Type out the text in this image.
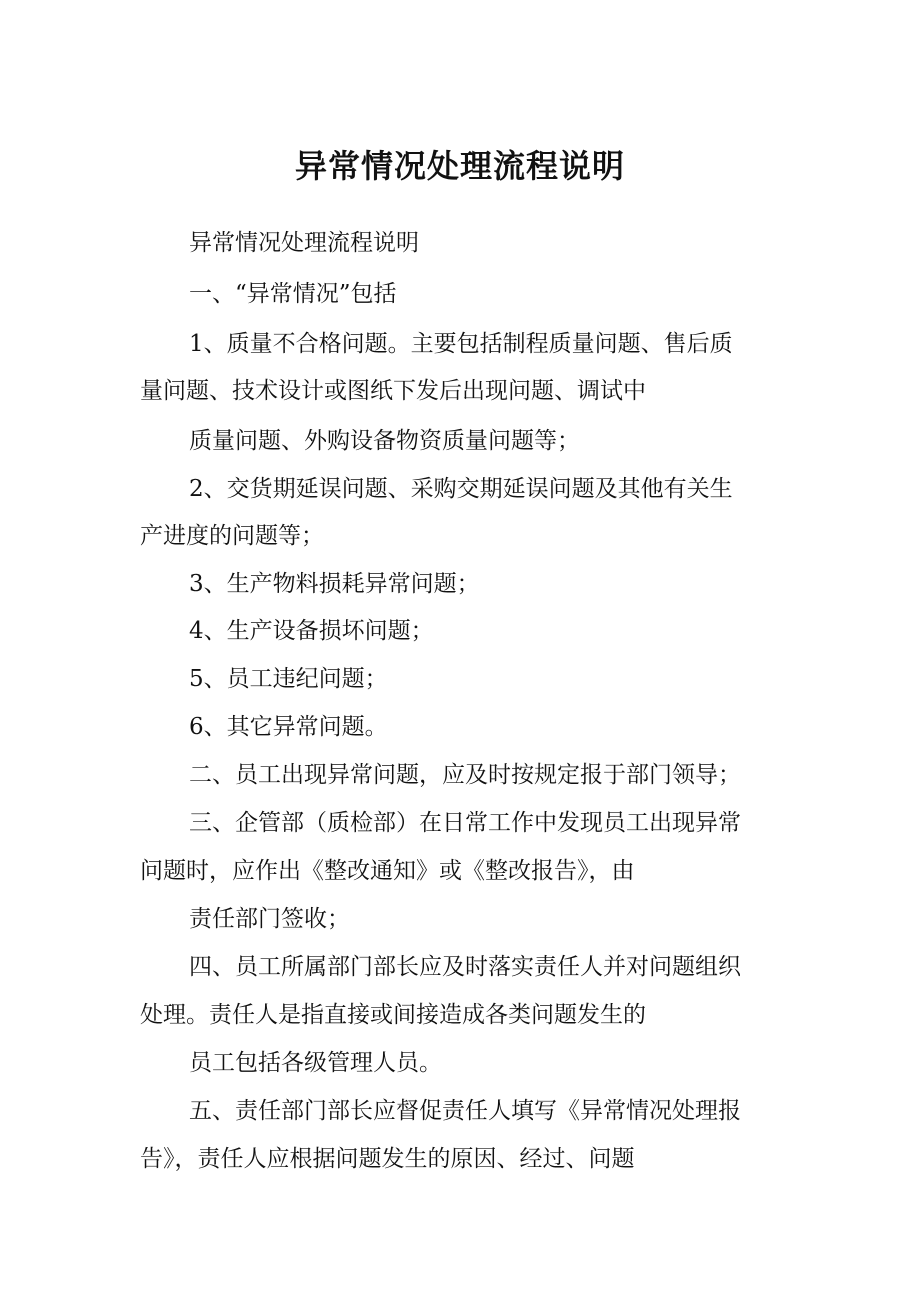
异常情况处理流程说明

异常情况处理流程说明

一、“异常情况”包括

1、质量不合格问题。主要包括制程质量问题、售后质

量问题、技术设计或图纸下发后出现问题、调试中

质量问题、外购设备物资质量问题等；

2、交货期延误问题、采购交期延误问题及其他有关生

产进度的问题等；

3、生产物料损耗异常问题；

4、生产设备损坏问题；

5、员工违纪问题；

6、其它异常问题。

二、员工出现异常问题，应及时按规定报于部门领导；

三、企管部（质检部）在日常工作中发现员工出现异常

问题时，应作出《整改通知》或《整改报告》，由

责任部门签收；

四、员工所属部门部长应及时落实责任人并对问题组织

处理。责任人是指直接或间接造成各类问题发生的

员工包括各级管理人员。

五、责任部门部长应督促责任人填写《异常情况处理报

告》，责任人应根据问题发生的原因、经过、问题
